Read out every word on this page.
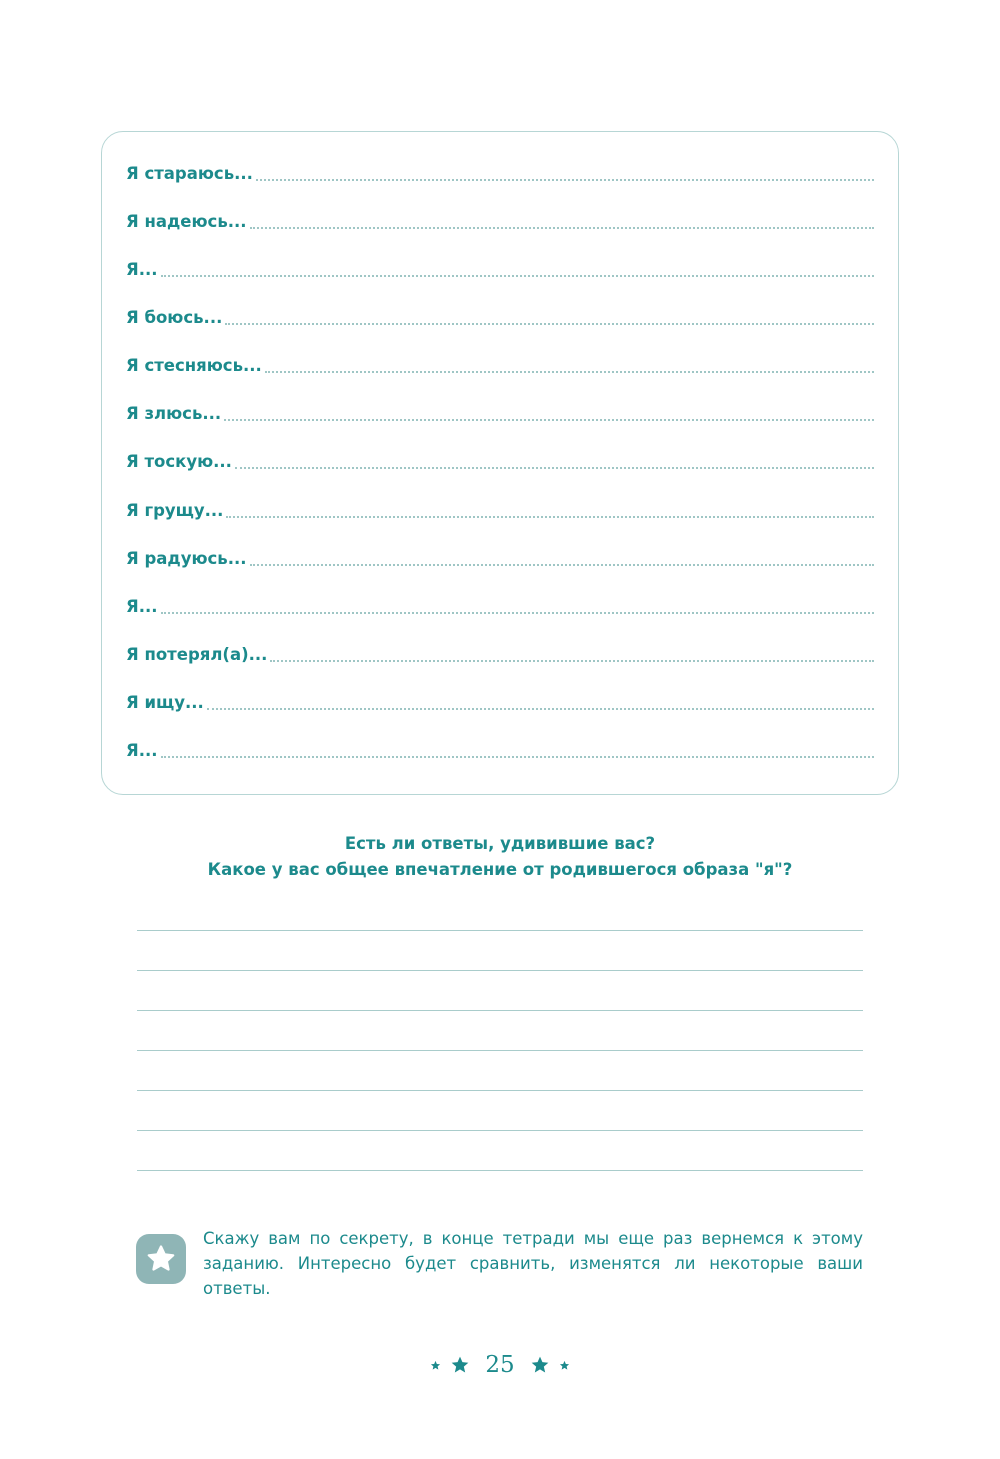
Я стараюсь...
Я надеюсь...
Я...
Я боюсь...
Я стесняюсь...
Я злюсь...
Я тоскую...
Я грущу...
Я радуюсь...
Я...
Я потерял(а)...
Я ищу...
Я...
Есть ли ответы, удивившие вас?
Какое у вас общее впечатление от родившегося образа "я"?
Скажу вам по секрету, в конце тетради мы еще раз вернемся к этому заданию. Интересно будет сравнить, изменятся ли некоторые ваши ответы.
25
